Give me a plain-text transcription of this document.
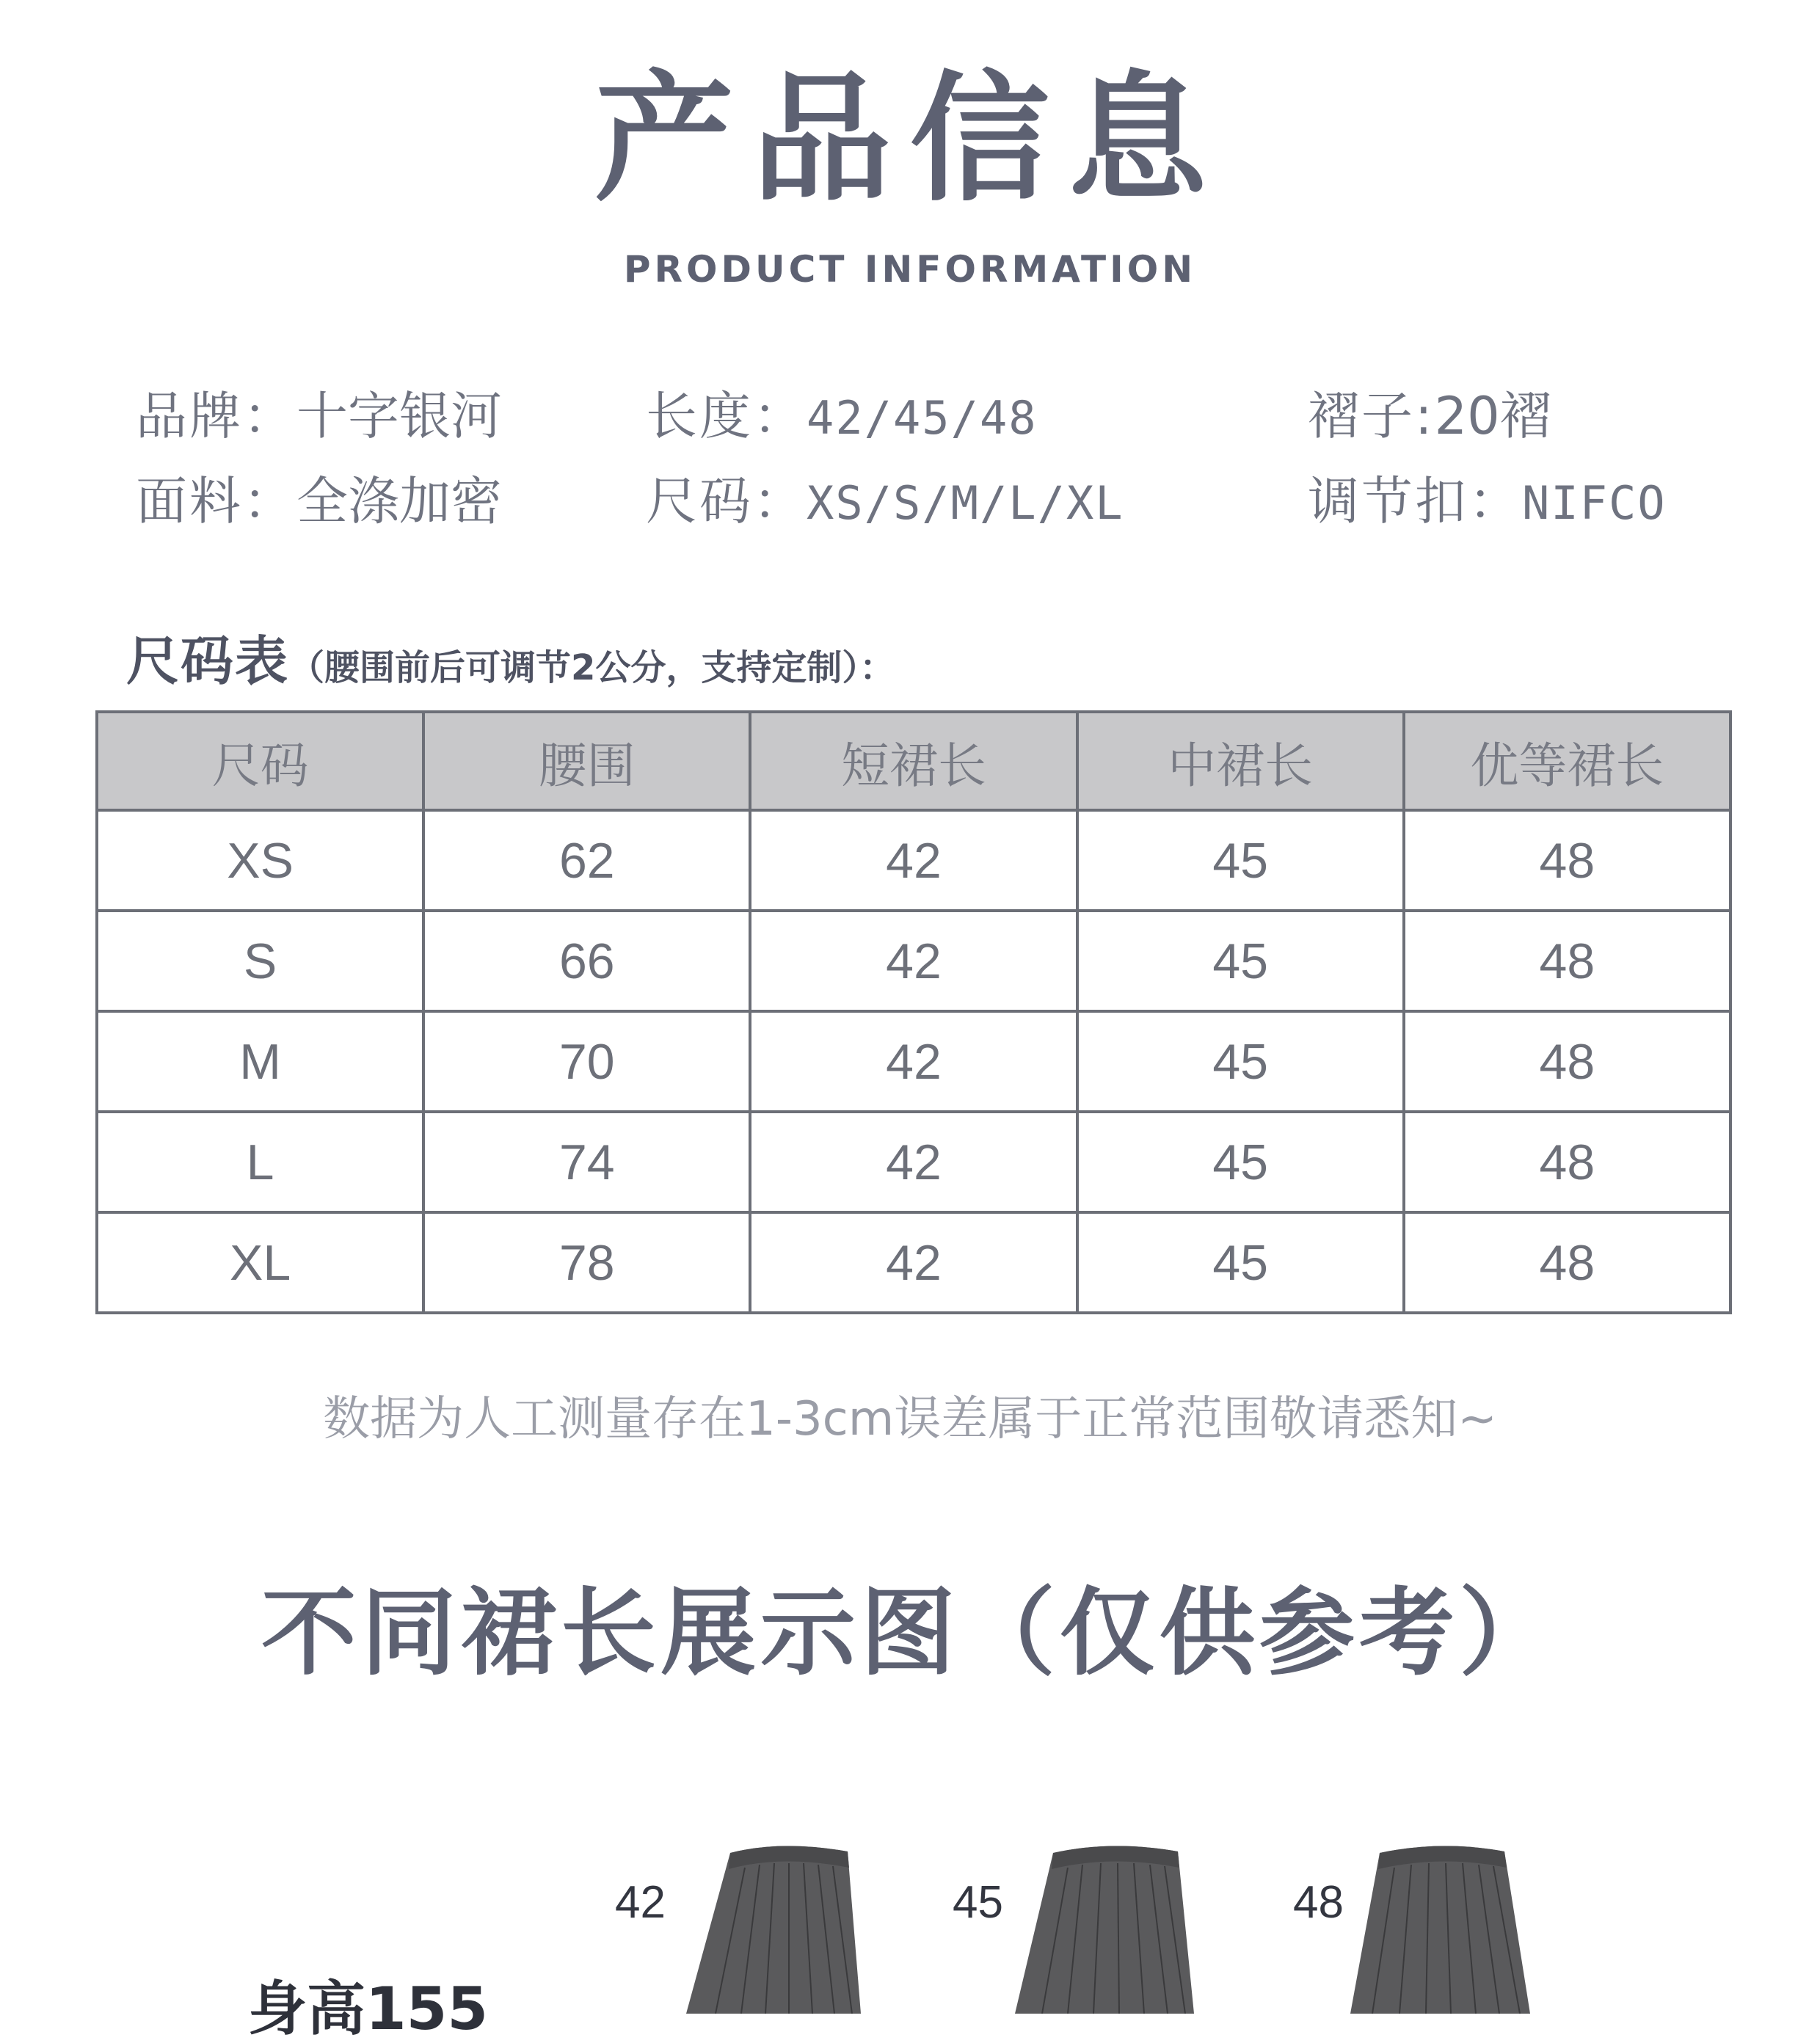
产品信息
PRODUCT INFORMATION
品牌：十字银河	长度：42/45/48	褶子:20褶
面料：全涤加密	尺码：XS/S/M/L/XL	调节扣：NIFCO
尺码表（腰围前后可调节2公分，支持定制）：
尺码	腰围	短裙长	中裙长	优等裙长
XS	62	42	45	48
S	66	42	45	48
M	70	42	45	48
L	74	42	45	48
XL	78	42	45	48
数据为人工测量存在1-3cm误差属于正常范围敬请悉知~
不同裙长展示图（仅供参考）
42	45	48
身高155
